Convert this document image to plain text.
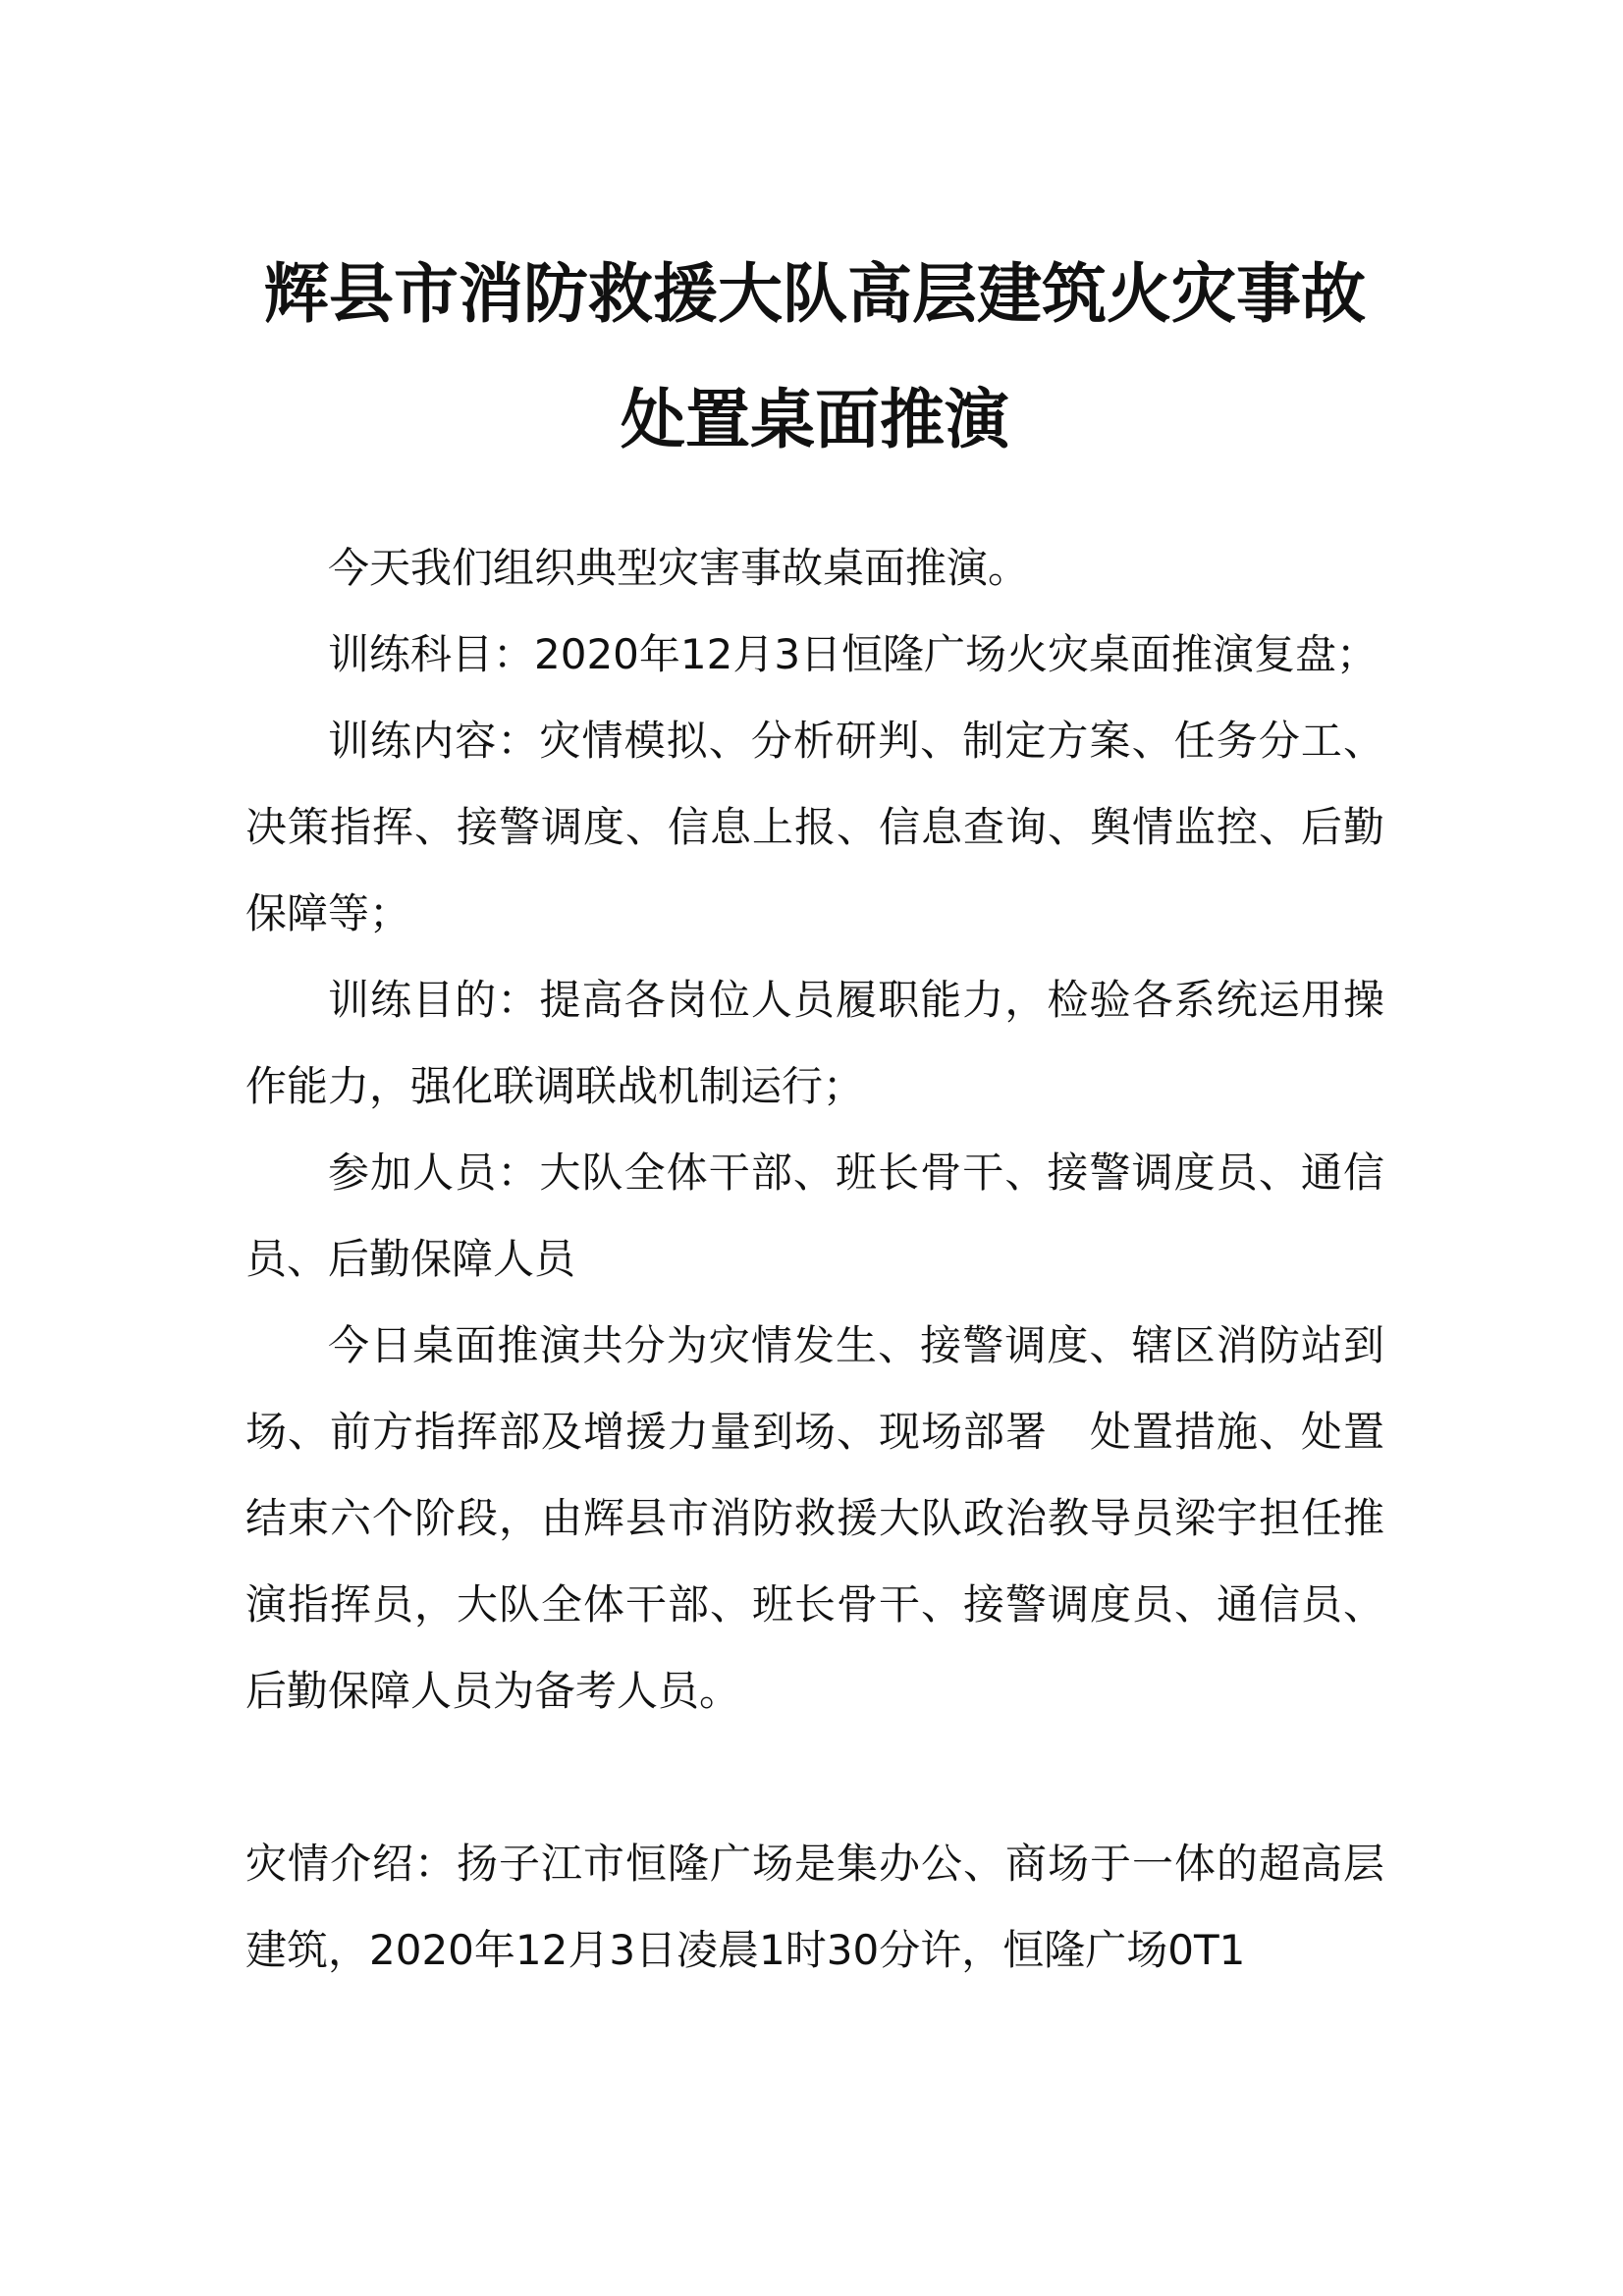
辉县市消防救援大队高层建筑火灾事故
处置桌面推演

今天我们组织典型灾害事故桌面推演。

训练科目：2020年12月3日恒隆广场火灾桌面推演复盘；

训练内容：灾情模拟、分析研判、制定方案、任务分工、决策指挥、接警调度、信息上报、信息查询、舆情监控、后勤保障等；

训练目的：提高各岗位人员履职能力，检验各系统运用操作能力，强化联调联战机制运行；

参加人员：大队全体干部、班长骨干、接警调度员、通信员、后勤保障人员

今日桌面推演共分为灾情发生、接警调度、辖区消防站到场、前方指挥部及增援力量到场、现场部署　处置措施、处置结束六个阶段，由辉县市消防救援大队政治教导员梁宇担任推演指挥员，大队全体干部、班长骨干、接警调度员、通信员、后勤保障人员为备考人员。

灾情介绍：扬子江市恒隆广场是集办公、商场于一体的超高层建筑，2020年12月3日凌晨1时30分许，恒隆广场0T1
